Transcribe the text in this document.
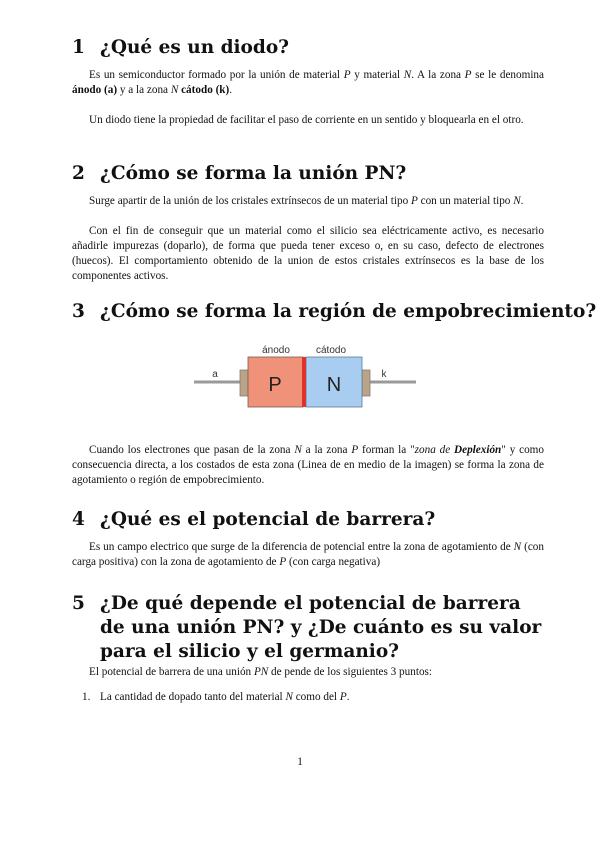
1 ¿Qué es un diodo?
Es un semiconductor formado por la unión de material P y material N. A la zona P se le denomina ánodo (a) y a la zona N cátodo (k).
Un diodo tiene la propiedad de facilitar el paso de corriente en un sentido y bloquearla en el otro.
2 ¿Cómo se forma la unión PN?
Surge apartir de la unión de los cristales extrínsecos de un material tipo P con un material tipo N.
Con el fin de conseguir que un material como el silicio sea eléctricamente activo, es necesario añadirle impurezas (doparlo), de forma que pueda tener exceso o, en su caso, defecto de electrones (huecos). El comportamiento obtenido de la union de estos cristales extrínsecos es la base de los componentes activos.
3 ¿Cómo se forma la región de empobrecimiento?
P N
ánodo	cátodo
a	k
Cuando los electrones que pasan de la zona N a la zona P forman la "zona de Deplexión" y como consecuencia directa, a los costados de esta zona (Linea de en medio de la imagen) se forma la zona de agotamiento o región de empobrecimiento.
4 ¿Qué es el potencial de barrera?
Es un campo electrico que surge de la diferencia de potencial entre la zona de agotamiento de N (con carga positiva) con la zona de agotamiento de P (con carga negativa)
5 ¿De qué depende el potencial de barrera de una unión PN? y ¿De cuánto es su valor para el silicio y el germanio?
El potencial de barrera de una unión PN de pende de los siguientes 3 puntos:
1. La cantidad de dopado tanto del material N como del P.
1
